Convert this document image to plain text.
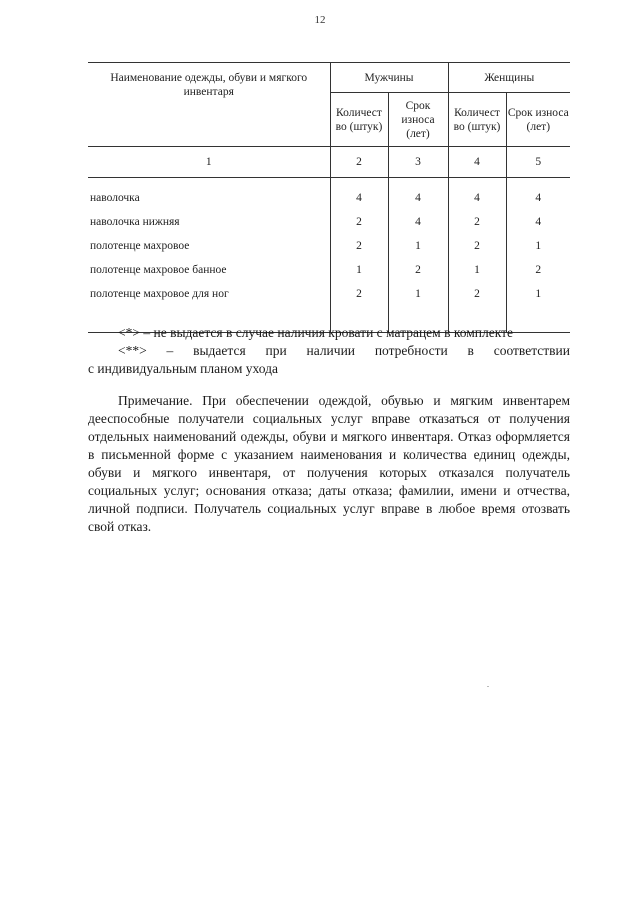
12
Наименование одежды, обуви и мягкого инвентаря	Мужчины		Женщины	
	Количест во (штук)	Срок износа (лет)	Количест во (штук)	Срок износа (лет)
1	2	3	4	5

наволочка	4	4	4	4
наволочка нижняя	2	4	2	4
полотенце махровое	2	1	2	1
полотенце махровое банное	1	2	1	2
полотенце махровое для ног	2	1	2	1

<*> – не выдается в случае наличия кровати с матрацем в комплекте
<**> – выдается при наличии потребности в соответствии
с индивидуальным планом ухода
Примечание. При обеспечении одеждой, обувью и мягким инвентарем дееспособные получатели социальных услуг вправе отказаться от получения отдельных наименований одежды, обуви и мягкого инвентаря. Отказ оформляется в письменной форме с указанием наименования и количества единиц одежды, обуви и мягкого инвентаря, от получения которых отказался получатель социальных услуг; основания отказа; даты отказа; фамилии, имени и отчества, личной подписи. Получатель социальных услуг вправе в любое время отозвать свой отказ.
